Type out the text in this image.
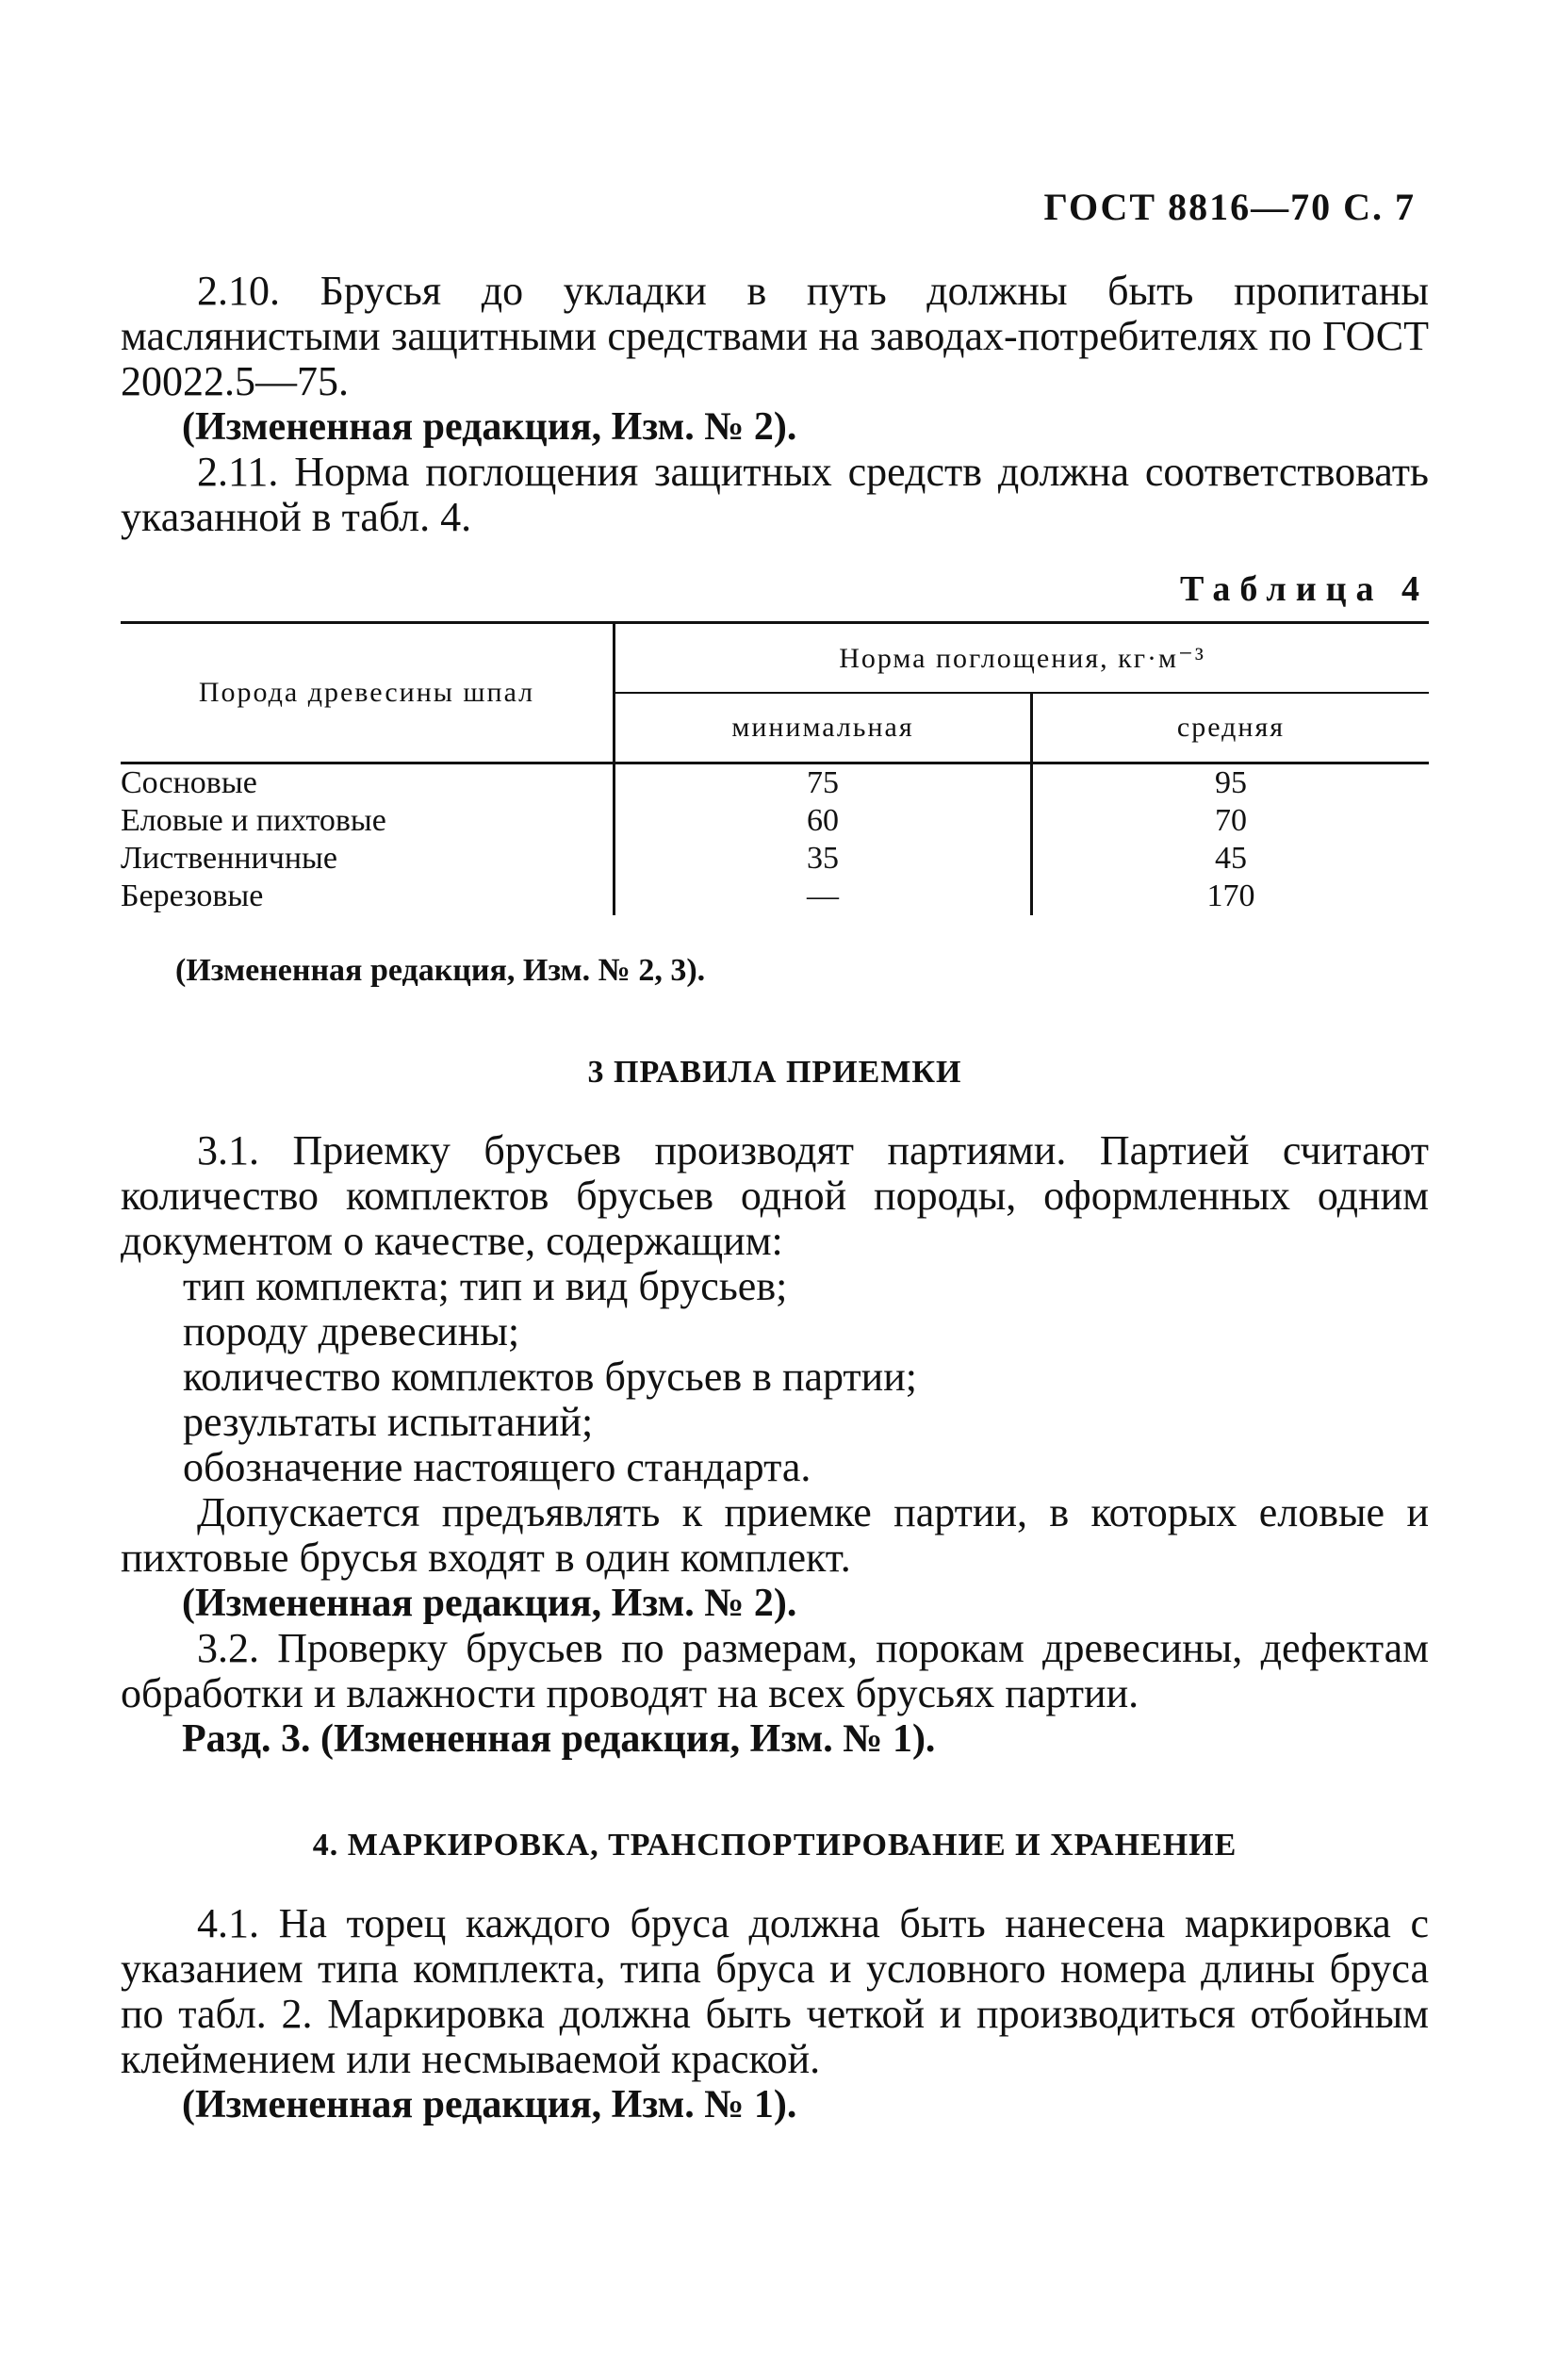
ГОСТ 8816—70 С. 7

2.10. Брусья до укладки в путь должны быть пропитаны маслянистыми защитными средствами на заводах-потребителях по ГОСТ 20022.5—75.

(Измененная редакция, Изм. № 2).

2.11. Норма поглощения защитных средств должна соответствовать указанной в табл. 4.

Таблица 4
Порода древесины шпал	Норма поглощения, кг·м⁻³	
	минимальная	средняя
Сосновые	75	95
Еловые и пихтовые	60	70
Лиственничные	35	45
Березовые	—	170
(Измененная редакция, Изм. № 2, 3).
3 ПРАВИЛА ПРИЕМКИ

3.1. Приемку брусьев производят партиями. Партией считают количество комплектов брусьев одной породы, оформленных одним документом о качестве, содержащим:

тип комплекта; тип и вид брусьев;

породу древесины;

количество комплектов брусьев в партии;

результаты испытаний;

обозначение настоящего стандарта.

Допускается предъявлять к приемке партии, в которых еловые и пихтовые брусья входят в один комплект.

(Измененная редакция, Изм. № 2).

3.2. Проверку брусьев по размерам, порокам древесины, дефектам обработки и влажности проводят на всех брусьях партии.

Разд. 3. (Измененная редакция, Изм. № 1).

4. МАРКИРОВКА, ТРАНСПОРТИРОВАНИЕ И ХРАНЕНИЕ

4.1. На торец каждого бруса должна быть нанесена маркировка с указанием типа комплекта, типа бруса и условного номера длины бруса по табл. 2. Маркировка должна быть четкой и производиться отбойным клеймением или несмываемой краской.

(Измененная редакция, Изм. № 1).
